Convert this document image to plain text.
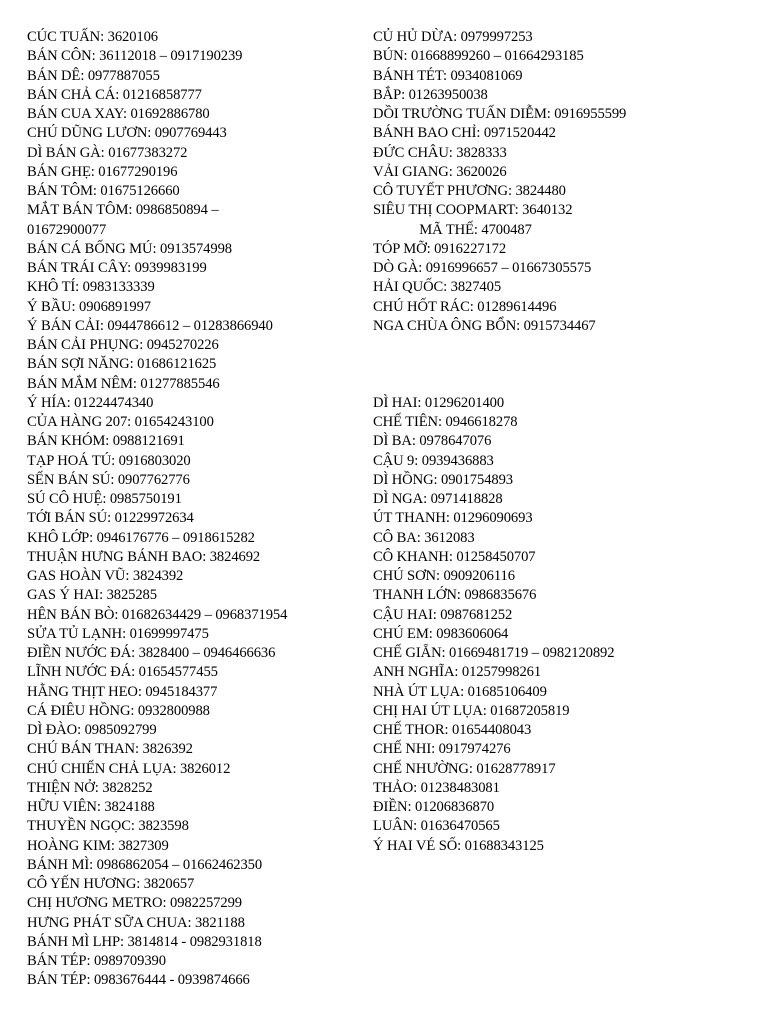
CÚC TUẤN: 3620106
BÁN CÔN: 36112018 – 0917190239
BÁN DÊ: 0977887055
BÁN CHẢ CÁ: 01216858777
BÁN CUA XAY: 01692886780
CHÚ DŨNG LƯƠN: 0907769443
DÌ BÁN GÀ: 01677383272
BÁN GHẸ: 01677290196
BÁN TÔM: 01675126660
MẮT BÁN TÔM: 0986850894 –
01672900077
BÁN CÁ BỐNG MÚ: 0913574998
BÁN TRÁI CÂY: 0939983199
KHÔ TÍ: 0983133339
Ý BẦU: 0906891997
Ý BÁN CẢI: 0944786612 – 01283866940
BÁN CẢI PHỤNG: 0945270226
BÁN SỢI NĂNG: 01686121625
BÁN MẮM NÊM: 01277885546
Ý HÍA: 01224474340
CỦA HÀNG 207: 01654243100
BÁN KHÓM: 0988121691
TẠP HOÁ TÚ: 0916803020
SẾN BÁN SÚ: 0907762776
SÚ CÔ HUỆ: 0985750191
TỚI BÁN SÚ: 01229972634
KHÔ LỚP: 0946176776 – 0918615282
THUẬN HƯNG BÁNH BAO: 3824692
GAS HOÀN VŨ: 3824392
GAS Ý HAI: 3825285
HÊN BÁN BÒ: 01682634429 – 0968371954
SỬA TỦ LẠNH: 01699997475
ĐIỀN NƯỚC ĐÁ: 3828400 – 0946466636
LĨNH NƯỚC ĐÁ: 01654577455
HẰNG THỊT HEO: 0945184377
CÁ ĐIÊU HỒNG: 0932800988
DÌ ĐÀO: 0985092799
CHÚ BÁN THAN: 3826392
CHÚ CHIẾN CHẢ LỤA: 3826012
THIỆN NỞ: 3828252
HỮU VIÊN: 3824188
THUYỀN NGỌC: 3823598
HOÀNG KIM: 3827309
BÁNH MÌ: 0986862054 – 01662462350
CÔ YẾN HƯƠNG: 3820657
CHỊ HƯƠNG METRO: 0982257299
HƯNG PHÁT SỮA CHUA: 3821188
BÁNH MÌ LHP: 3814814 - 0982931818
BÁN TÉP: 0989709390
BÁN TÉP: 0983676444 - 0939874666
CỦ HỦ DỪA: 0979997253
BÚN: 01668899260 – 01664293185
BÁNH TÉT: 0934081069
BẮP: 01263950038
DỒI TRƯỜNG TUẤN DIỄM: 0916955599
BÁNH BAO CHỈ: 0971520442
ĐỨC CHÂU: 3828333
VẢI GIANG: 3620026
CÔ TUYẾT PHƯƠNG: 3824480
SIÊU THỊ COOPMART: 3640132
MÃ THẾ: 4700487
TÓP MỠ: 0916227172
DÒ GÀ: 0916996657 – 01667305575
HẢI QUỐC: 3827405
CHÚ HỐT RÁC: 01289614496
NGA CHÙA ÔNG BỔN: 0915734467
DÌ HAI: 01296201400
CHẾ TIÊN: 0946618278
DÌ BA: 0978647076
CẬU 9: 0939436883
DÌ HỒNG: 0901754893
DÌ NGA: 0971418828
ÚT THANH: 01296090693
CÔ BA: 3612083
CÔ KHANH: 01258450707
CHÚ SƠN: 0909206116
THANH LỚN: 0986835676
CẬU HAI: 0987681252
CHÚ EM: 0983606064
CHẾ GIẴN: 01669481719 – 0982120892
ANH NGHĨA: 01257998261
NHÀ ÚT LỤA: 01685106409
CHỊ HAI ÚT LỤA: 01687205819
CHẾ THOR: 01654408043
CHẾ NHI: 0917974276
CHẾ NHƯỜNG: 01628778917
THẢO: 01238483081
ĐIỀN: 01206836870
LUÂN: 01636470565
Ý HAI VÉ SỐ: 01688343125
